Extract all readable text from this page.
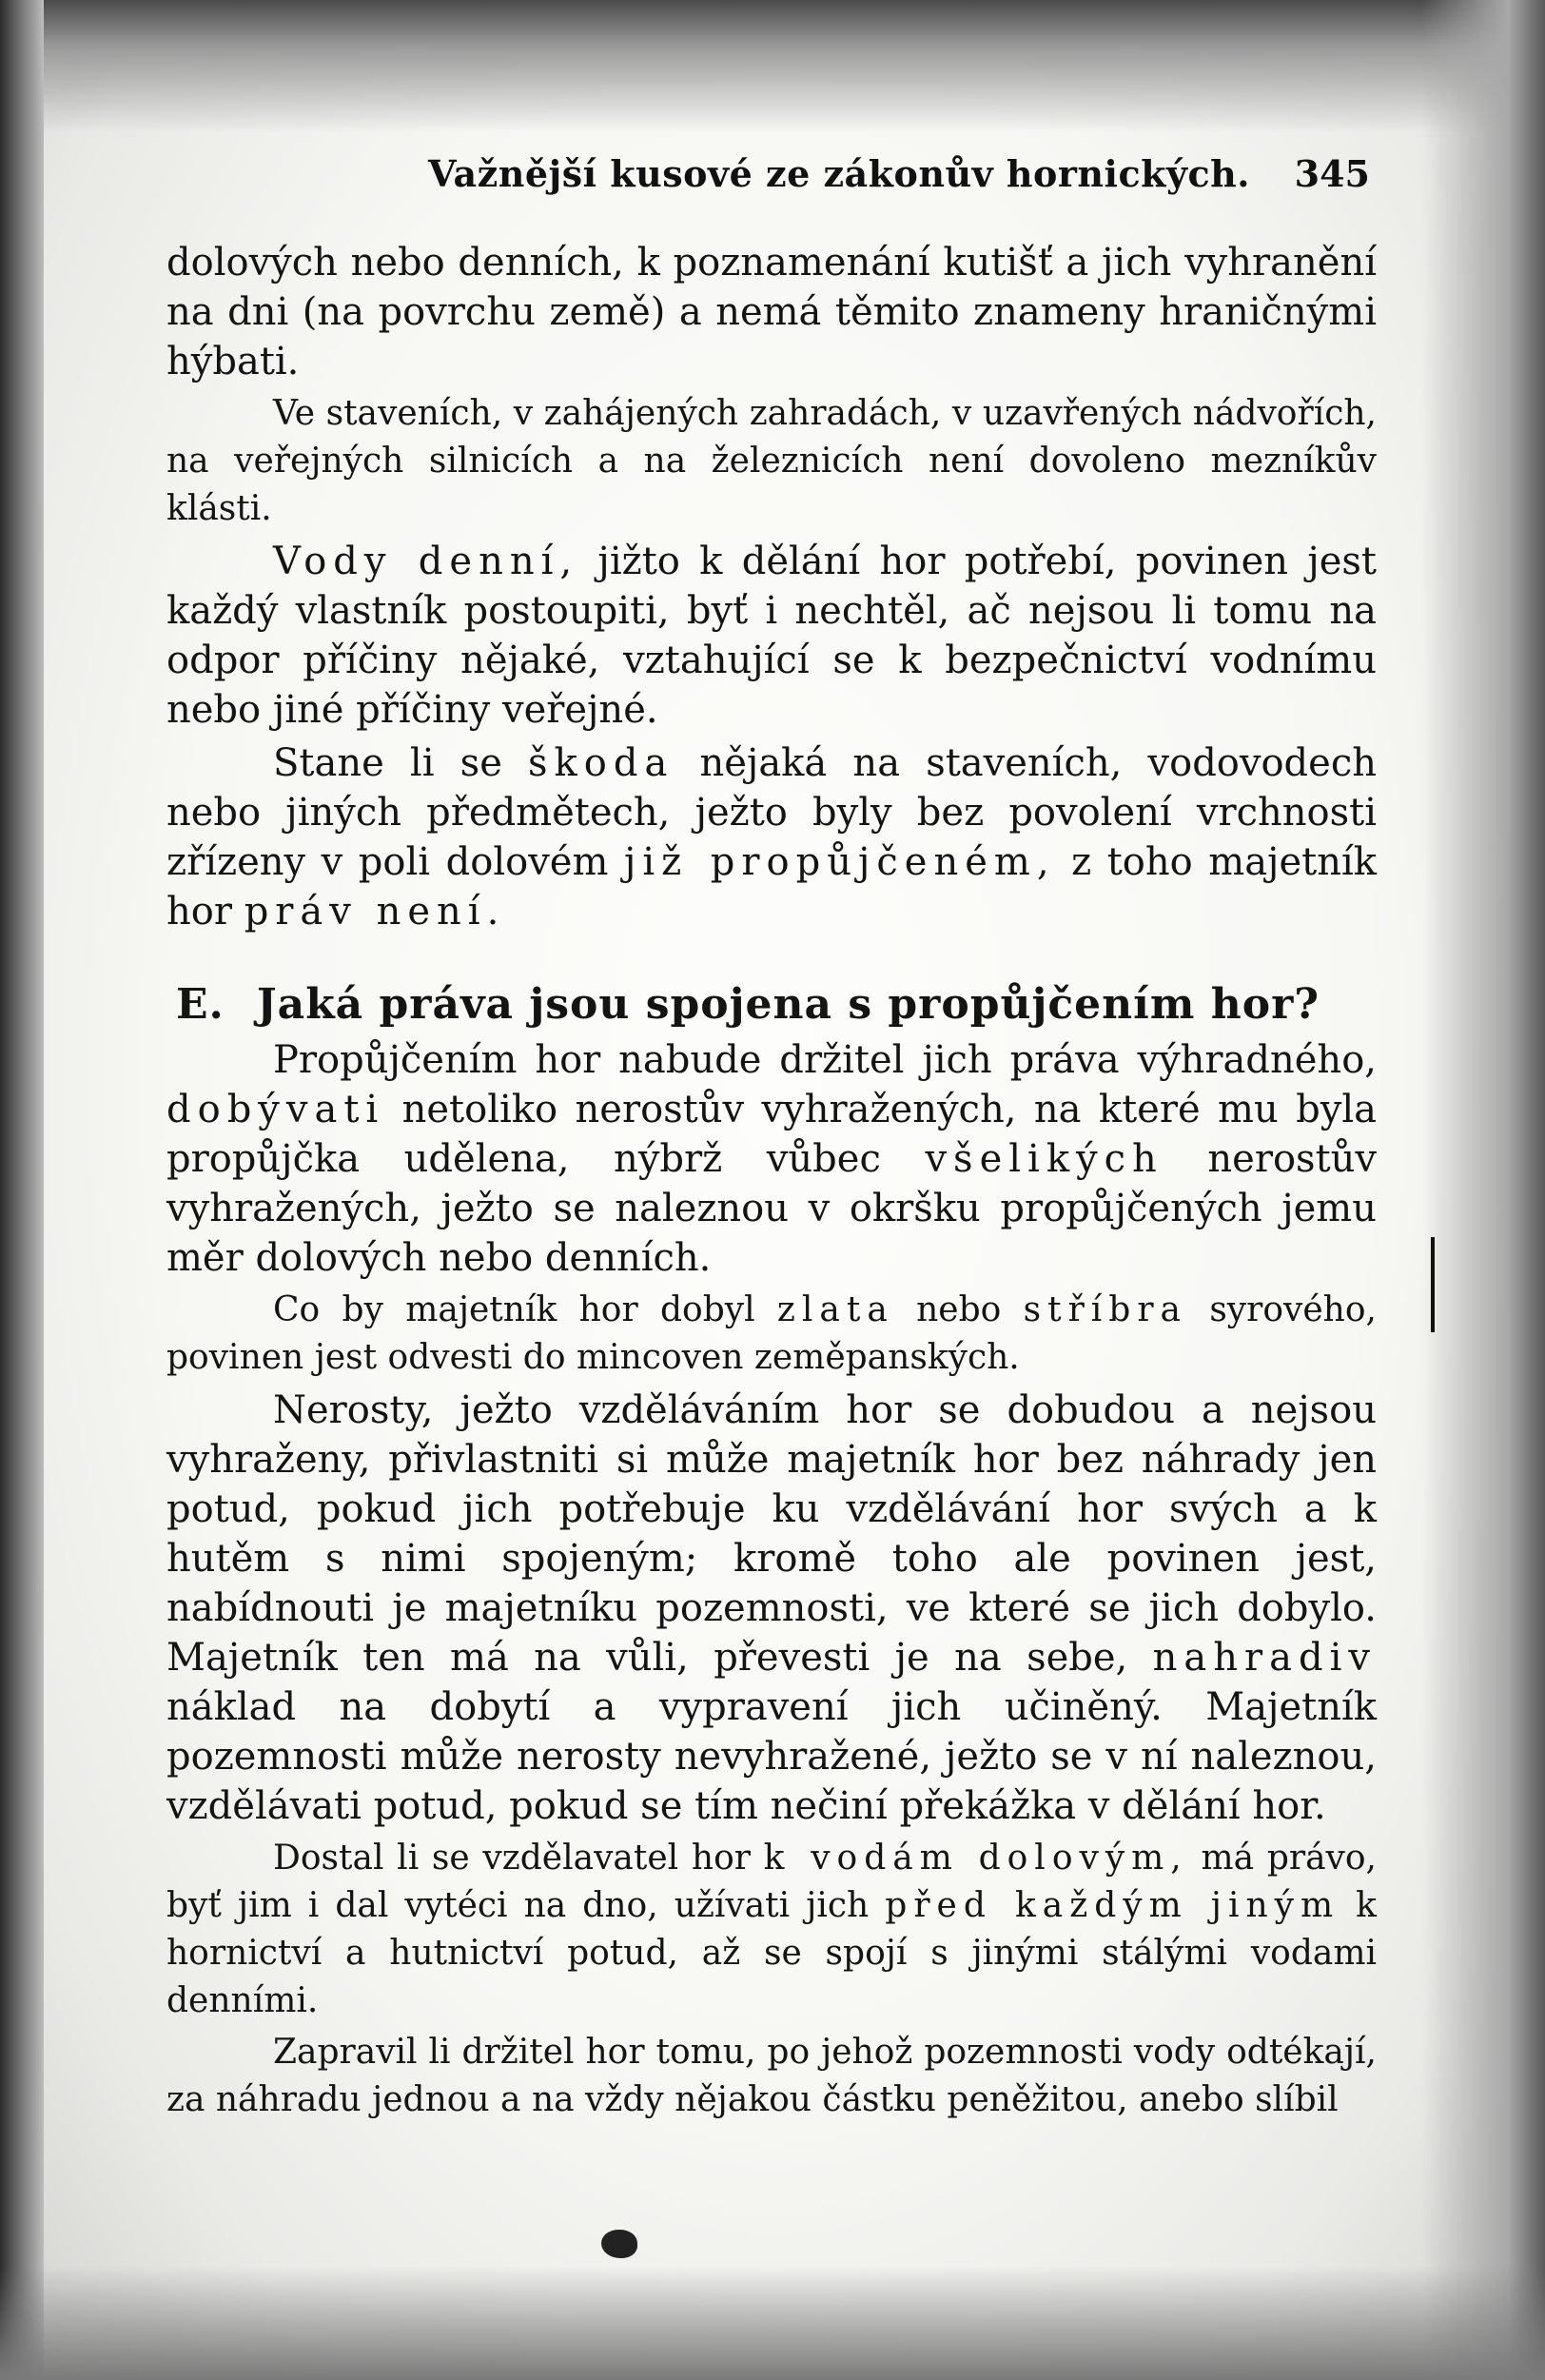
Važnější kusové ze zákonův hornických. 345

dolových nebo denních, k poznamenání kutišť a jich vyhranění na dni (na povrchu země) a nemá těmito znameny hraničnými hýbati.

Ve staveních, v zahájených zahradách, v uzavřených nádvořích, na veřejných silnicích a na železnicích není dovoleno mezníkův klásti.

Vody denní, jižto k dělání hor potřebí, povinen jest každý vlastník postoupiti, byť i nechtěl, ač nejsou li tomu na odpor příčiny nějaké, vztahující se k bezpečnictví vodnímu nebo jiné příčiny veřejné.

Stane li se škoda nějaká na staveních, vodovodech nebo jiných předmětech, ježto byly bez povolení vrchnosti zřízeny v poli dolovém již propůjčeném, z toho majetník hor práv není.

E. Jaká práva jsou spojena s propůjčením hor?

Propůjčením hor nabude držitel jich práva výhradného, dobývati netoliko nerostův vyhražených, na které mu byla propůjčka udělena, nýbrž vůbec všelikých nerostův vyhražených, ježto se naleznou v okršku propůjčených jemu měr dolových nebo denních.

Co by majetník hor dobyl zlata nebo stříbra syrového, povinen jest odvesti do mincoven zeměpanských.

Nerosty, ježto vzděláváním hor se dobudou a nejsou vyhraženy, přivlastniti si může majetník hor bez náhrady jen potud, pokud jich potřebuje ku vzdělávání hor svých a k hutěm s nimi spojeným; kromě toho ale povinen jest, nabídnouti je majetníku pozemnosti, ve které se jich dobylo. Majetník ten má na vůli, převesti je na sebe, nahradiv náklad na dobytí a vypravení jich učiněný. Majetník pozemnosti může nerosty nevyhražené, ježto se v ní naleznou, vzdělávati potud, pokud se tím nečiní překážka v dělání hor.

Dostal li se vzdělavatel hor k vodám dolovým, má právo, byť jim i dal vytéci na dno, užívati jich před každým jiným k hornictví a hutnictví potud, až se spojí s jinými stálými vodami denními.

Zapravil li držitel hor tomu, po jehož pozemnosti vody odtékají, za náhradu jednou a na vždy nějakou částku peněžitou, anebo slíbil
